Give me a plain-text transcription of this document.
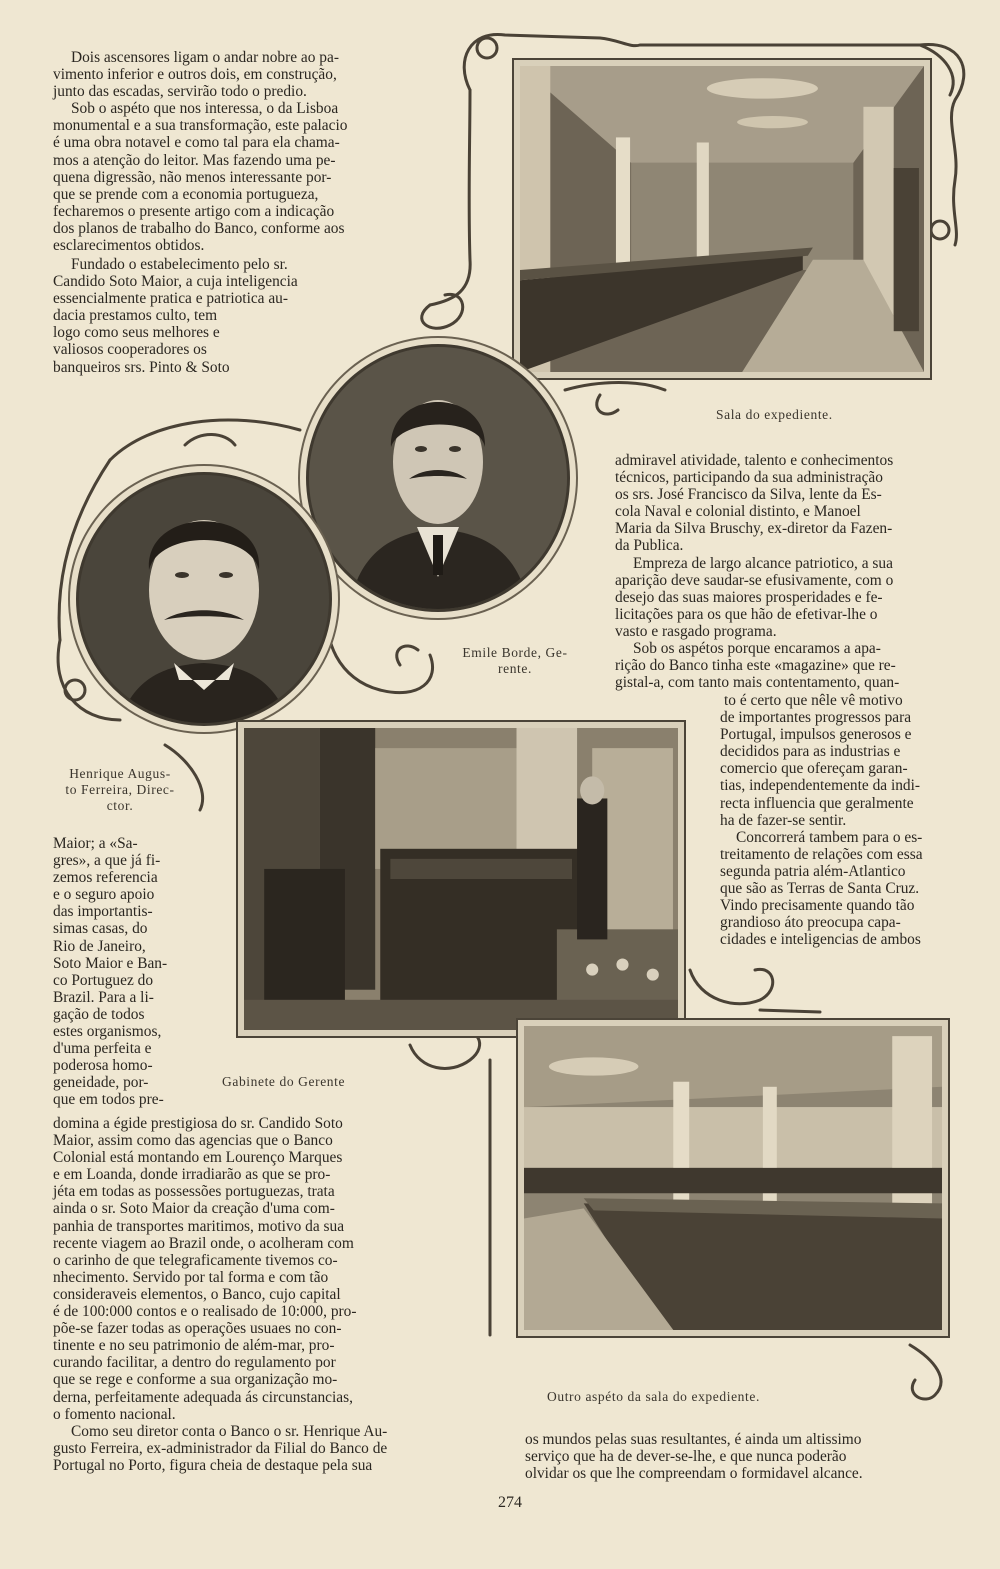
Dois ascensores ligam o andar nobre ao pa-
vimento inferior e outros dois, em construção,
junto das escadas, servirão todo o predio.
Sob o aspéto que nos interessa, o da Lisboa
monumental e a sua transformação, este palacio
é uma obra notavel e como tal para ela chama-
mos a atenção do leitor. Mas fazendo uma pe-
quena digressão, não menos interessante por-
que se prende com a economia portugueza,
fecharemos o presente artigo com a indicação
dos planos de trabalho do Banco, conforme aos
esclarecimentos obtidos.
Fundado o estabelecimento pelo sr.
Candido Soto Maior, a cuja inteligencia
essencialmente pratica e patriotica au-
dacia prestamos culto, tem
logo como seus melhores e
valiosos cooperadores os
banqueiros srs. Pinto & Soto
Maior; a «Sa-
gres», a que já fi-
zemos referencia
e o seguro apoio
das importantis-
simas casas, do
Rio de Janeiro,
Soto Maior e Ban-
co Portuguez do
Brazil. Para a li-
gação de todos
estes organismos,
d'uma perfeita e
poderosa homo-
geneidade, por-
que em todos pre-
domina a égide prestigiosa do sr. Candido Soto
Maior, assim como das agencias que o Banco
Colonial está montando em Lourenço Marques
e em Loanda, donde irradiarão as que se pro-
jéta em todas as possessões portuguezas, trata
ainda o sr. Soto Maior da creação d'uma com-
panhia de transportes maritimos, motivo da sua
recente viagem ao Brazil onde, o acolheram com
o carinho de que telegraficamente tivemos co-
nhecimento. Servido por tal forma e com tão
consideraveis elementos, o Banco, cujo capital
é de 100:000 contos e o realisado de 10:000, pro-
põe-se fazer todas as operações usuaes no con-
tinente e no seu patrimonio de além-mar, pro-
curando facilitar, a dentro do regulamento por
que se rege e conforme a sua organização mo-
derna, perfeitamente adequada ás circunstancias,
o fomento nacional.
Como seu diretor conta o Banco o sr. Henrique Au-
gusto Ferreira, ex-administrador da Filial do Banco de
Portugal no Porto, figura cheia de destaque pela sua
admiravel atividade, talento e conhecimentos
técnicos, participando da sua administração
os srs. José Francisco da Silva, lente da Es-
cola Naval e colonial distinto, e Manoel
Maria da Silva Bruschy, ex-diretor da Fazen-
da Publica.
Empreza de largo alcance patriotico, a sua
aparição deve saudar-se efusivamente, com o
desejo das suas maiores prosperidades e fe-
licitações para os que hão de efetivar-lhe o
vasto e rasgado programa.
Sob os aspétos porque encaramos a apa-
rição do Banco tinha este «magazine» que re-
gistal-a, com tanto mais contentamento, quan-
to é certo que nêle vê motivo
de importantes progressos para
Portugal, impulsos generosos e
decididos para as industrias e
comercio que ofereçam garan-
tias, independentemente da indi-
recta influencia que geralmente
ha de fazer-se sentir.
Concorrerá tambem para o es-
treitamento de relações com essa
segunda patria além-Atlantico
que são as Terras de Santa Cruz.
Vindo precisamente quando tão
grandioso áto preocupa capa-
cidades e inteligencias de ambos
os mundos pelas suas resultantes, é ainda um altissimo
serviço que ha de dever-se-lhe, e que nunca poderão
olvidar os que lhe compreendam o formidavel alcance.
Sala do expediente.
Emile Borde, Ge-
rente.
Henrique Augus-
to Ferreira, Direc-
ctor.
Gabinete do Gerente
Outro aspéto da sala do expediente.
274
